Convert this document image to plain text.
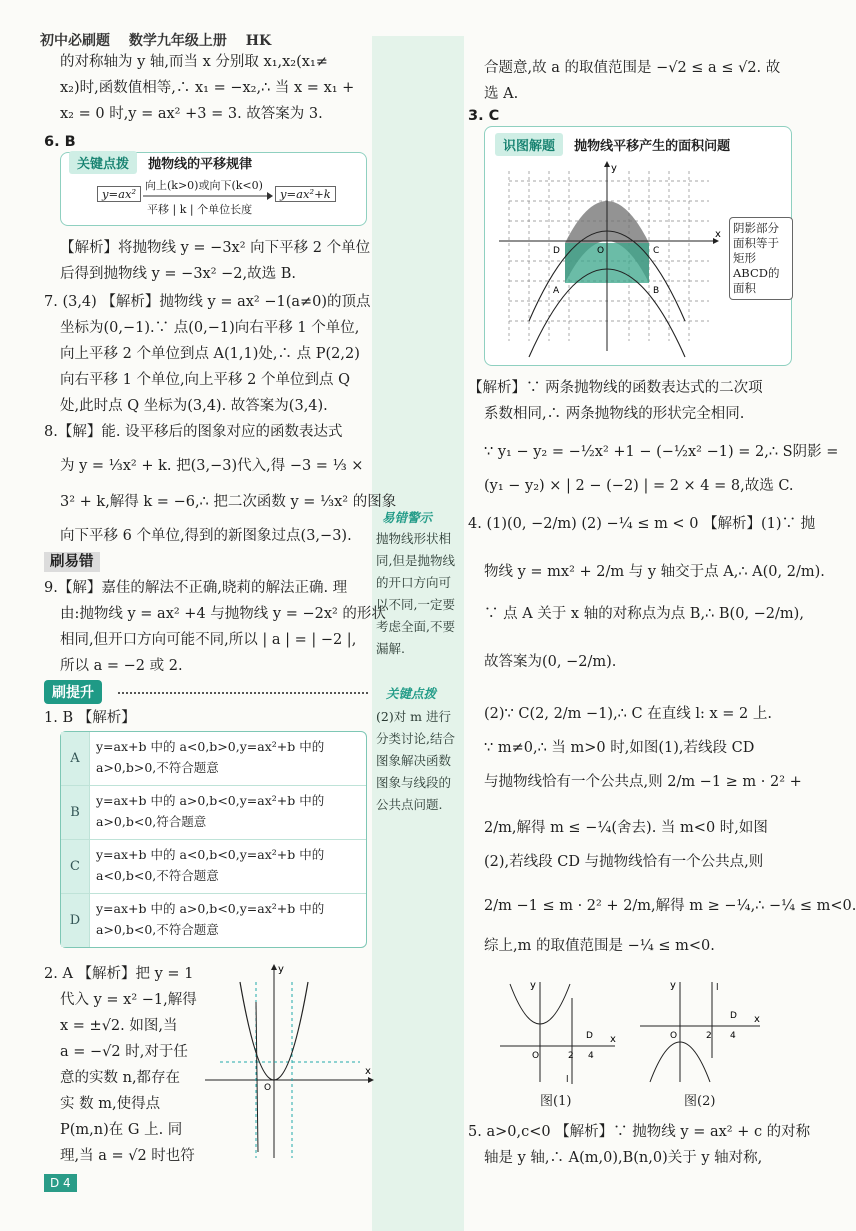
初中必刷题 数学九年级上册 HK
的对称轴为 y 轴,而当 x 分别取 x₁,x₂(x₁≠
x₂)时,函数值相等,∴ x₁ = −x₂,∴ 当 x = x₁ +
x₂ = 0 时,y = ax² +3 = 3. 故答案为 3.
6. B
关键点拨 抛物线的平移规律
y=ax²
向上(k>0)或向下(k<0)
平移 | k | 个单位长度
y=ax²+k
【解析】将抛物线 y = −3x² 向下平移 2 个单位
后得到抛物线 y = −3x² −2,故选 B.
7. (3,4) 【解析】抛物线 y = ax² −1(a≠0)的顶点
坐标为(0,−1).∵ 点(0,−1)向右平移 1 个单位,
向上平移 2 个单位到点 A(1,1)处,∴ 点 P(2,2)
向右平移 1 个单位,向上平移 2 个单位到点 Q
处,此时点 Q 坐标为(3,4). 故答案为(3,4).
8.【解】能. 设平移后的图象对应的函数表达式
为 y = ⅓x² + k. 把(3,−3)代入,得 −3 = ⅓ ×
3² + k,解得 k = −6,∴ 把二次函数 y = ⅓x² 的图象
向下平移 6 个单位,得到的新图象过点(3,−3).
刷易错
9.【解】嘉佳的解法不正确,晓莉的解法正确. 理
由:抛物线 y = ax² +4 与抛物线 y = −2x² 的形状
相同,但开口方向可能不同,所以 | a | = | −2 |,
所以 a = −2 或 2.
刷提升
1. B 【解析】
A
y=ax+b 中的 a<0,b>0,y=ax²+b 中的 a>0,b>0,不符合题意
B
y=ax+b 中的 a>0,b<0,y=ax²+b 中的 a>0,b<0,符合题意
C
y=ax+b 中的 a<0,b<0,y=ax²+b 中的 a<0,b<0,不符合题意
D
y=ax+b 中的 a>0,b<0,y=ax²+b 中的 a>0,b<0,不符合题意
2. A 【解析】把 y = 1
代入 y = x² −1,解得
x = ±√2. 如图,当
a = −√2 时,对于任
意的实数 n,都存在
实 数 m,使得点
P(m,n)在 G 上. 同
理,当 a = √2 时也符
x
y
O
D 4
易错警示
抛物线形状相同,但是抛物线的开口方向可以不同,一定要考虑全面,不要漏解.
关键点拨
(2)对 m 进行分类讨论,结合图象解决函数图象与线段的公共点问题.
合题意,故 a 的取值范围是 −√2 ≤ a ≤ √2. 故
选 A.
3. C
识图解题 抛物线平移产生的面积问题
x
y
O
D	C
A	B
阴影部分面积等于矩形ABCD的面积
【解析】∵ 两条抛物线的函数表达式的二次项
系数相同,∴ 两条抛物线的形状完全相同.
∵ y₁ − y₂ = −½x² +1 − (−½x² −1) = 2,∴ S阴影 =
(y₁ − y₂) × | 2 − (−2) | = 2 × 4 = 8,故选 C.
4. (1)(0, −2/m) (2) −¼ ≤ m < 0 【解析】(1)∵ 抛
物线 y = mx² + 2/m 与 y 轴交于点 A,∴ A(0, 2/m).
∵ 点 A 关于 x 轴的对称点为点 B,∴ B(0, −2/m),
故答案为(0, −2/m).
(2)∵ C(2, 2/m −1),∴ C 在直线 l: x = 2 上.
∵ m≠0,∴ 当 m>0 时,如图(1),若线段 CD
与抛物线恰有一个公共点,则 2/m −1 ≥ m · 2² +
2/m,解得 m ≤ −¼(舍去). 当 m<0 时,如图
(2),若线段 CD 与抛物线恰有一个公共点,则
2/m −1 ≤ m · 2² + 2/m,解得 m ≥ −¼,∴ −¼ ≤ m<0.
综上,m 的取值范围是 −¼ ≤ m<0.
x
y
O	2 4
D
l
图(1)
x
y
O	2 4
D
l
图(2)
5. a>0,c<0 【解析】∵ 抛物线 y = ax² + c 的对称
轴是 y 轴,∴ A(m,0),B(n,0)关于 y 轴对称,
